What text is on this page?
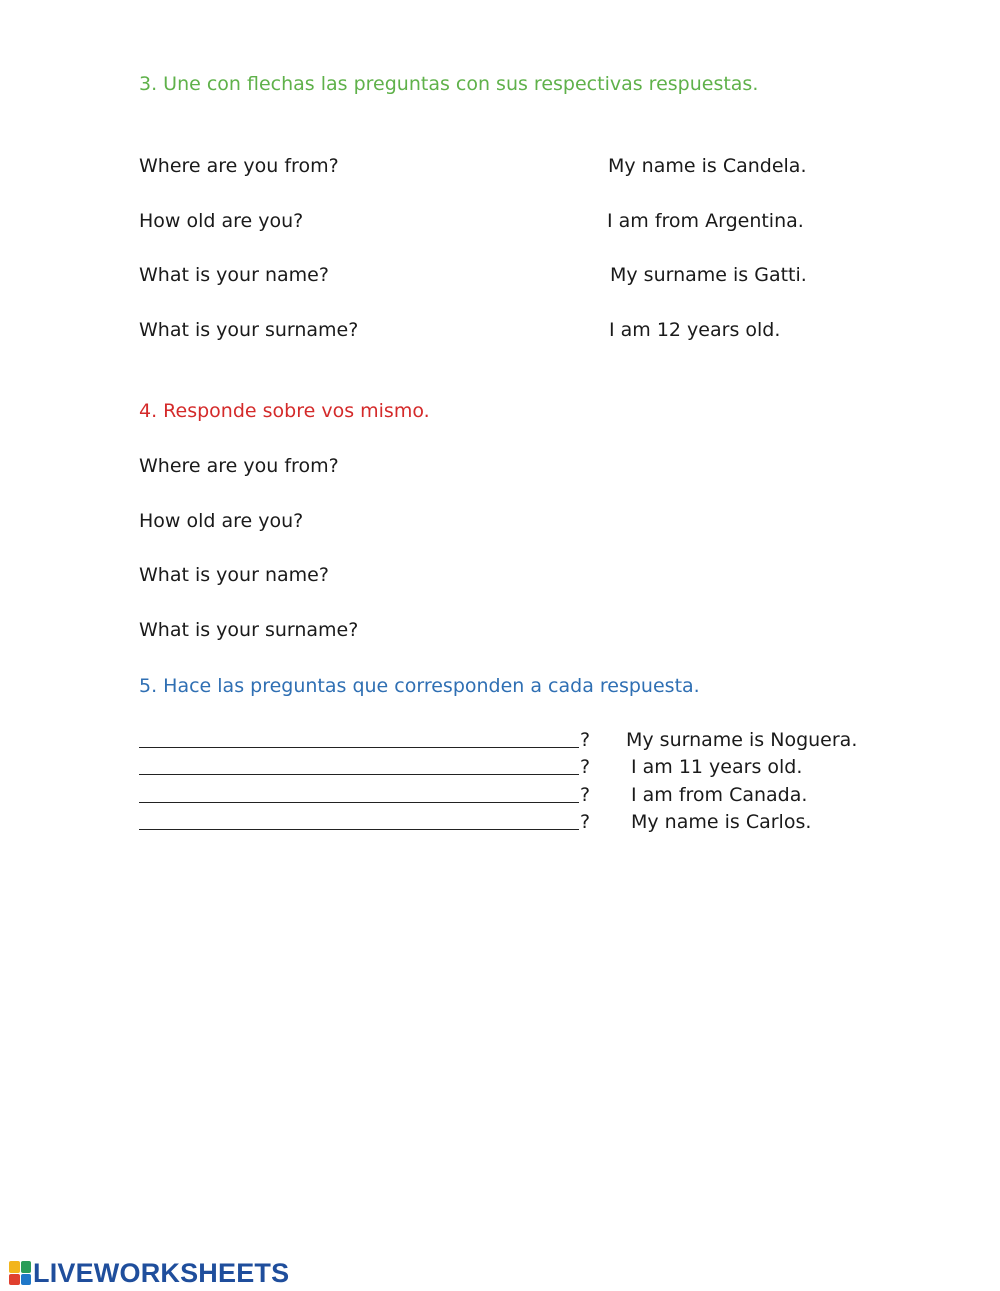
3. Une con flechas las preguntas con sus respectivas respuestas.
Where are you from?
How old are you?
What is your name?
What is your surname?
My name is Candela.
I am from Argentina.
My surname is Gatti.
I am 12 years old.
4. Responde sobre vos mismo.
Where are you from?
How old are you?
What is your name?
What is your surname?
5. Hace las preguntas que corresponden a cada respuesta.
? My surname is Noguera.
? I am 11 years old.
? I am from Canada.
? My name is Carlos.
LIVEWORKSHEETS
